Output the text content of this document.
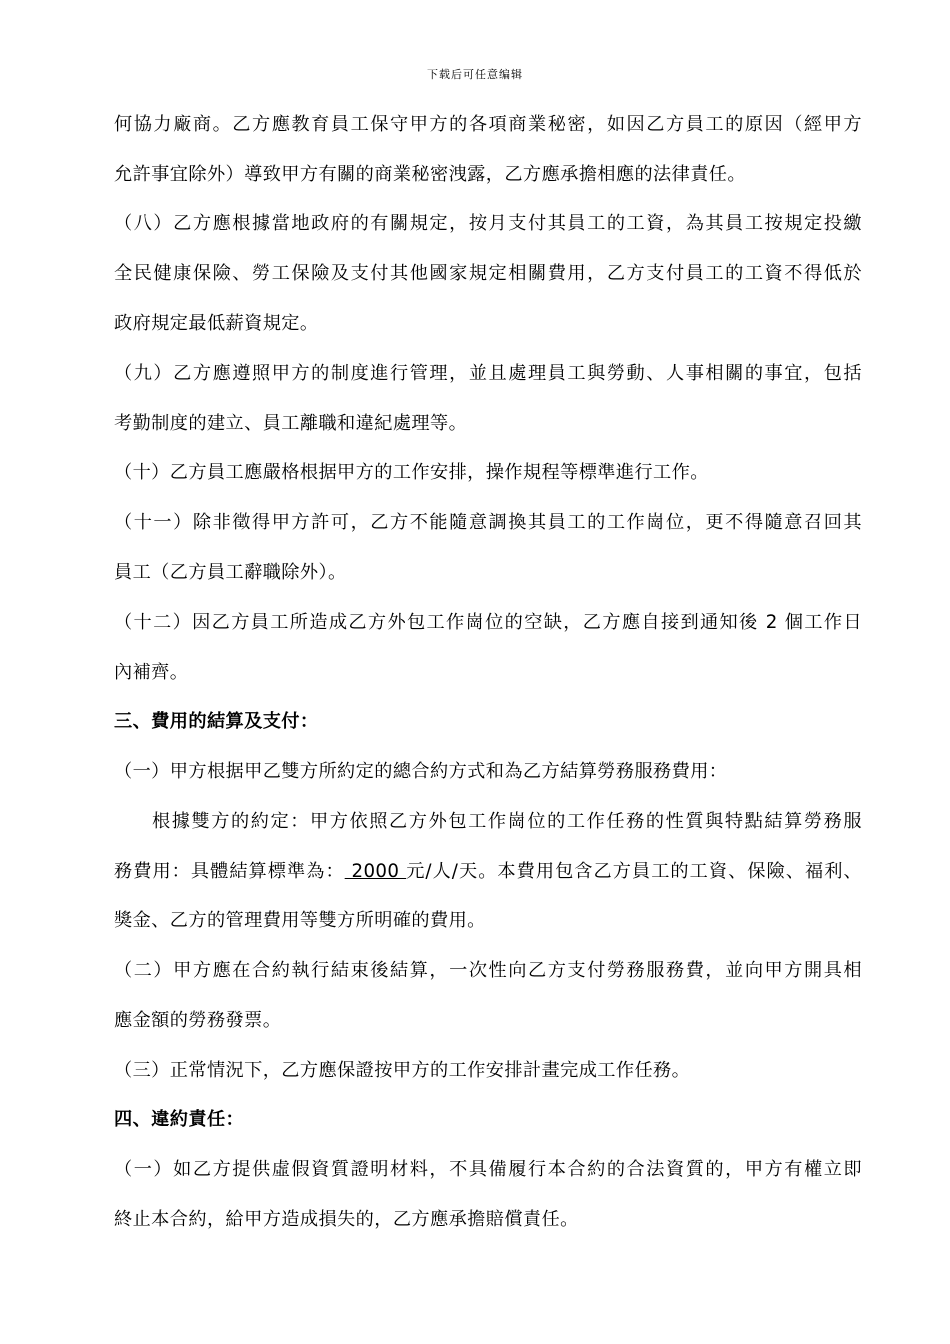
下载后可任意编辑
何協力廠商。乙方應教育員工保守甲方的各項商業秘密，如因乙方員工的原因（經甲方
允許事宜除外）導致甲方有關的商業秘密洩露，乙方應承擔相應的法律責任。
（八）乙方應根據當地政府的有關規定，按月支付其員工的工資，為其員工按規定投繳
全民健康保險、勞工保險及支付其他國家規定相關費用，乙方支付員工的工資不得低於
政府規定最低薪資規定。
（九）乙方應遵照甲方的制度進行管理，並且處理員工與勞動、人事相關的事宜，包括
考勤制度的建立、員工離職和違紀處理等。
（十）乙方員工應嚴格根据甲方的工作安排，操作規程等標準進行工作。
（十一）除非徵得甲方許可，乙方不能隨意調換其員工的工作崗位，更不得隨意召回其
員工（乙方員工辭職除外）。
（十二）因乙方員工所造成乙方外包工作崗位的空缺，乙方應自接到通知後 2 個工作日
內補齊。
三、費用的結算及支付：
（一）甲方根据甲乙雙方所約定的總合約方式和為乙方結算勞務服務費用：
根據雙方的約定：甲方依照乙方外包工作崗位的工作任務的性質與特點結算勞務服
務費用：具體結算標準為： 2000 元/人/天。本費用包含乙方員工的工資、保險、福利、
獎金、乙方的管理費用等雙方所明確的費用。
（二）甲方應在合約執行結束後結算，一次性向乙方支付勞務服務費，並向甲方開具相
應金額的勞務發票。
（三）正常情況下，乙方應保證按甲方的工作安排計畫完成工作任務。
四、違約責任：
（一）如乙方提供虛假資質證明材料，不具備履行本合約的合法資質的，甲方有權立即
終止本合約，給甲方造成損失的，乙方應承擔賠償責任。
